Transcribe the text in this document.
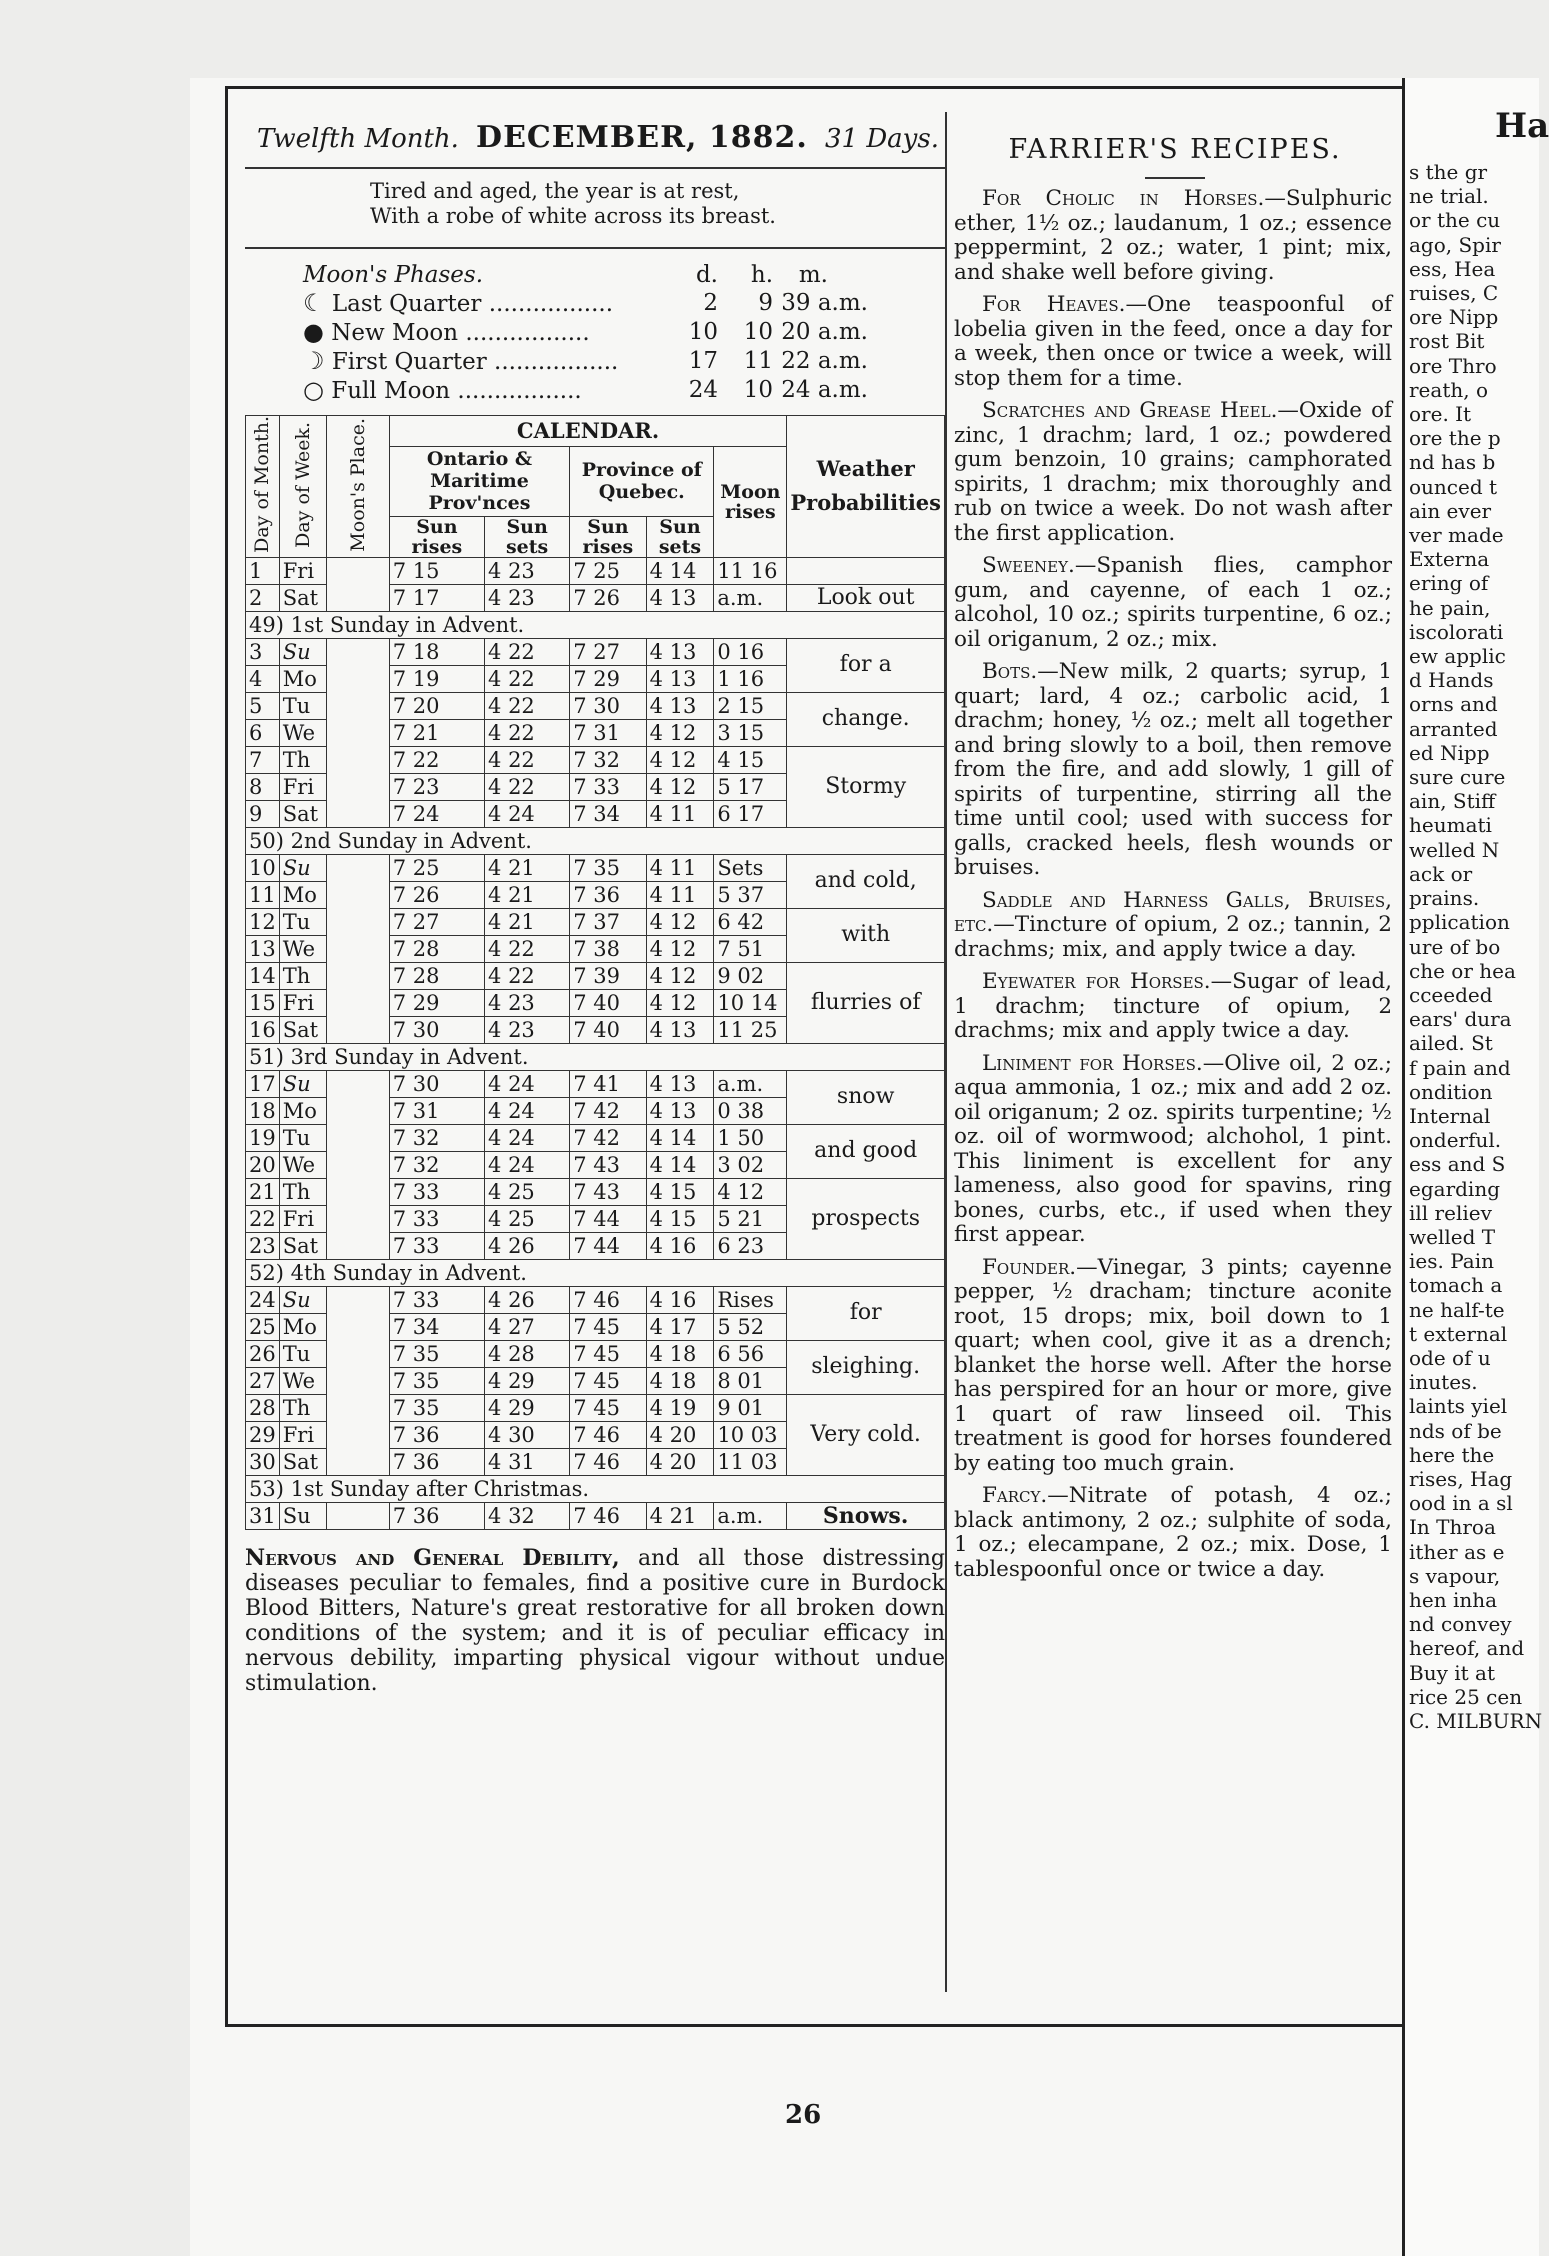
Twelfth Month. DECEMBER, 1882. 31 Days.
Tired and aged, the year is at rest,
With a robe of white across its breast.
Moon's Phases.	d.	h.	m.
☾ Last Quarter .................	2	9 39 a.m.
● New Moon .................	10	10 20 a.m.
☽ First Quarter .................	17	11 22 a.m.
○ Full Moon .................	24	10 24 a.m.
Day of Month.	Day of Week.	Moon's Place.	CALENDAR.					Weather Probabilities
			Ontario & Maritime Prov'nces		Province of Quebec.		Moon rises	
			Sun rises	Sun sets	Sun rises	Sun sets		
1	Fri		7 15	4 23	7 25	4 14	11 16	
2	Sat		7 17	4 23	7 26	4 13	a.m.	Look out
49) 1st Sunday in Advent.								
3	Su		7 18	4 22	7 27	4 13	0 16	for a
4	Mo		7 19	4 22	7 29	4 13	1 16	
5	Tu		7 20	4 22	7 30	4 13	2 15	change.
6	We		7 21	4 22	7 31	4 12	3 15	
7	Th		7 22	4 22	7 32	4 12	4 15	Stormy
8	Fri		7 23	4 22	7 33	4 12	5 17	
9	Sat		7 24	4 24	7 34	4 11	6 17	
50) 2nd Sunday in Advent.								
10	Su		7 25	4 21	7 35	4 11	Sets	and cold,
11	Mo		7 26	4 21	7 36	4 11	5 37	
12	Tu		7 27	4 21	7 37	4 12	6 42	with
13	We		7 28	4 22	7 38	4 12	7 51	
14	Th		7 28	4 22	7 39	4 12	9 02	flurries of
15	Fri		7 29	4 23	7 40	4 12	10 14	
16	Sat		7 30	4 23	7 40	4 13	11 25	
51) 3rd Sunday in Advent.								
17	Su		7 30	4 24	7 41	4 13	a.m.	snow
18	Mo		7 31	4 24	7 42	4 13	0 38	
19	Tu		7 32	4 24	7 42	4 14	1 50	and good
20	We		7 32	4 24	7 43	4 14	3 02	
21	Th		7 33	4 25	7 43	4 15	4 12	prospects
22	Fri		7 33	4 25	7 44	4 15	5 21	
23	Sat		7 33	4 26	7 44	4 16	6 23	
52) 4th Sunday in Advent.								
24	Su		7 33	4 26	7 46	4 16	Rises	for
25	Mo		7 34	4 27	7 45	4 17	5 52	
26	Tu		7 35	4 28	7 45	4 18	6 56	sleighing.
27	We		7 35	4 29	7 45	4 18	8 01	
28	Th		7 35	4 29	7 45	4 19	9 01	Very cold.
29	Fri		7 36	4 30	7 46	4 20	10 03	
30	Sat		7 36	4 31	7 46	4 20	11 03	
53) 1st Sunday after Christmas.								
31	Su		7 36	4 32	7 46	4 21	a.m.	Snows.
Nervous and General Debility, and all those distressing diseases peculiar to females, find a positive cure in Burdock Blood Bitters, Nature's great restorative for all broken down conditions of the system; and it is of peculiar efficacy in nervous debility, imparting physical vigour without undue stimulation.
FARRIER'S RECIPES.
For Cholic in Horses.—Sulphuric ether, 1½ oz.; laudanum, 1 oz.; essence peppermint, 2 oz.; water, 1 pint; mix, and shake well before giving.
For Heaves.—One teaspoonful of lobelia given in the feed, once a day for a week, then once or twice a week, will stop them for a time.
Scratches and Grease Heel.—Oxide of zinc, 1 drachm; lard, 1 oz.; powdered gum benzoin, 10 grains; camphorated spirits, 1 drachm; mix thoroughly and rub on twice a week. Do not wash after the first application.
Sweeney.—Spanish flies, camphor gum, and cayenne, of each 1 oz.; alcohol, 10 oz.; spirits turpentine, 6 oz.; oil origanum, 2 oz.; mix.
Bots.—New milk, 2 quarts; syrup, 1 quart; lard, 4 oz.; carbolic acid, 1 drachm; honey, ½ oz.; melt all together and bring slowly to a boil, then remove from the fire, and add slowly, 1 gill of spirits of turpentine, stirring all the time until cool; used with success for galls, cracked heels, flesh wounds or bruises.
Saddle and Harness Galls, Bruises, etc.—Tincture of opium, 2 oz.; tannin, 2 drachms; mix, and apply twice a day.
Eyewater for Horses.—Sugar of lead, 1 drachm; tincture of opium, 2 drachms; mix and apply twice a day.
Liniment for Horses.—Olive oil, 2 oz.; aqua ammonia, 1 oz.; mix and add 2 oz. oil origanum; 2 oz. spirits turpentine; ½ oz. oil of wormwood; alchohol, 1 pint. This liniment is excellent for any lameness, also good for spavins, ring bones, curbs, etc., if used when they first appear.
Founder.—Vinegar, 3 pints; cayenne pepper, ½ dracham; tincture aconite root, 15 drops; mix, boil down to 1 quart; when cool, give it as a drench; blanket the horse well. After the horse has perspired for an hour or more, give 1 quart of raw linseed oil. This treatment is good for horses foundered by eating too much grain.
Farcy.—Nitrate of potash, 4 oz.; black antimony, 2 oz.; sulphite of soda, 1 oz.; elecampane, 2 oz.; mix. Dose, 1 tablespoonful once or twice a day.
26
Ha

s the gr

ne trial.

or the cu

ago, Spir

ess, Hea

ruises, C

ore Nipp

rost Bit

ore Thro

reath, o

ore. It

ore the p

nd has b

ounced t

ain ever

ver made

Externa

ering of

he pain,

iscolorati

ew applic

d Hands

orns and

arranted

ed Nipp

sure cure

ain, Stiff

heumati

welled N

ack or

prains.

pplication

ure of bo

che or hea

cceeded

ears' dura

ailed. St

f pain and

ondition

Internal

onderful.

ess and S

egarding

ill reliev

welled T

ies. Pain

tomach a

ne half-te

t external

ode of u

inutes.

laints yiel

nds of be

here the

rises, Hag

ood in a sl

In Throa

ither as e

s vapour,

hen inha

nd convey

hereof, and

Buy it at

rice 25 cen

C. MILBURN
